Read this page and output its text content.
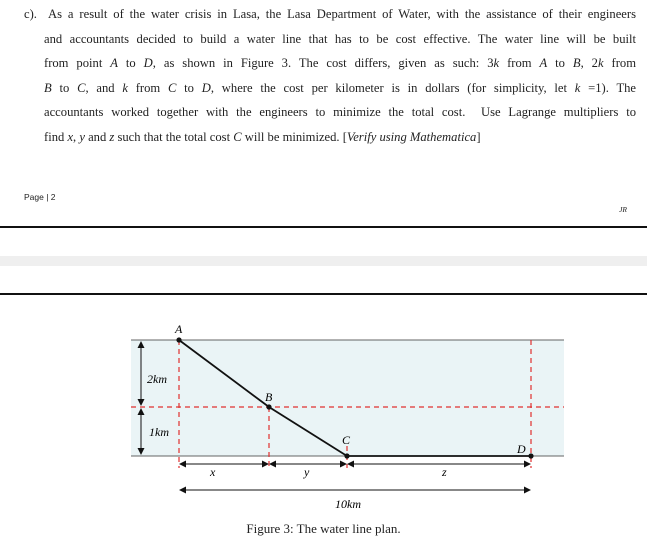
c).  As a result of the water crisis in Lasa, the Lasa Department of Water, with the assistance of their engineers
and accountants decided to build a water line that has to be cost effective. The water line will be built
from point A to D, as shown in Figure 3. The cost differs, given as such: 3k from A to B, 2k from
B to C, and k from C to D, where the cost per kilometer is in dollars (for simplicity, let k =1). The
accountants worked together with the engineers to minimize the total cost.  Use Lagrange multipliers to
find x, y and z such that the total cost C will be minimized. [Verify using Mathematica]
Page | 2
JR
A
B
C
D
2km
1km
x	y	z
10km
Figure 3: The water line plan.
